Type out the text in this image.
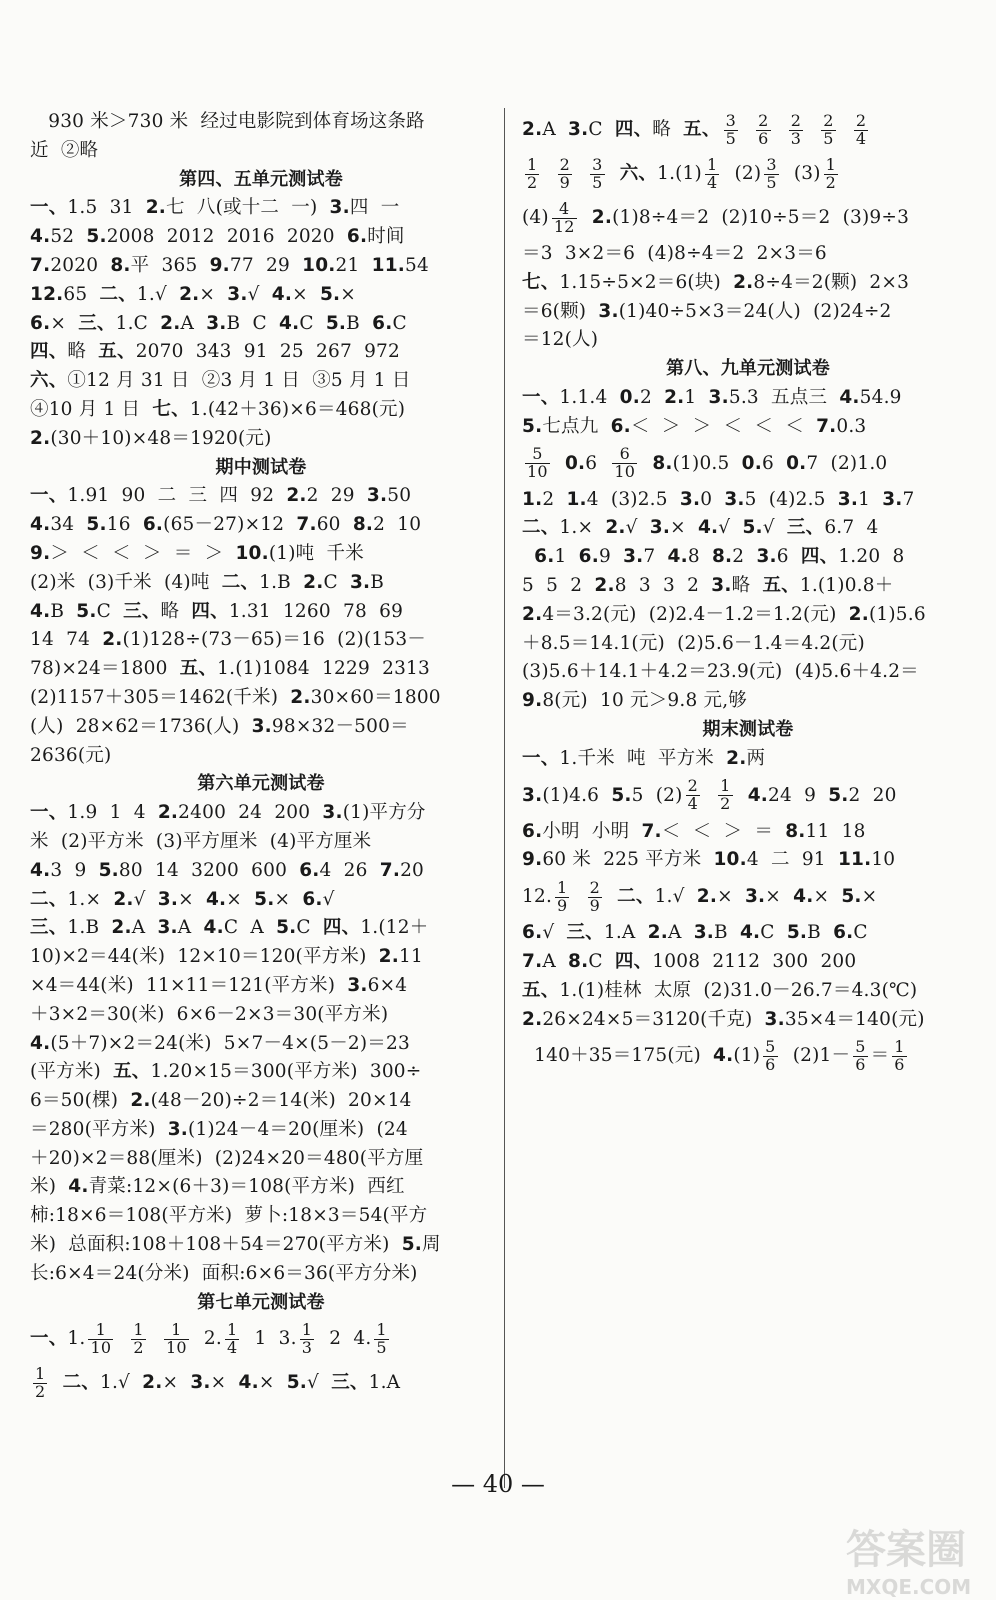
930 米＞730 米  经过电影院到体育场这条路
近  ②略
第四、五单元测试卷
一、1.5  31  2.七  八(或十二  一)  3.四  一
4.52  5.2008  2012  2016  2020  6.时间
7.2020  8.平  365  9.77  29  10.21  11.54
12.65  二、1.√  2.×  3.√  4.×  5.×
6.×  三、1.C  2.A  3.B  C  4.C  5.B  6.C
四、略  五、2070  343  91  25  267  972
六、①12 月 31 日  ②3 月 1 日  ③5 月 1 日
④10 月 1 日  七、1.(42＋36)×6＝468(元)
2.(30＋10)×48＝1920(元)
期中测试卷
一、1.91  90  二  三  四  92  2.2  29  3.50
4.34  5.16  6.(65－27)×12  7.60  8.2  10
9.＞  ＜  ＜  ＞  ＝  ＞  10.(1)吨  千米
(2)米  (3)千米  (4)吨  二、1.B  2.C  3.B
4.B  5.C  三、略  四、1.31  1260  78  69
14  74  2.(1)128÷(73－65)＝16  (2)(153－
78)×24＝1800  五、1.(1)1084  1229  2313
(2)1157＋305＝1462(千米)  2.30×60＝1800
(人)  28×62＝1736(人)  3.98×32－500＝
2636(元)
第六单元测试卷
一、1.9  1  4  2.2400  24  200  3.(1)平方分
米  (2)平方米  (3)平方厘米  (4)平方厘米
4.3  9  5.80  14  3200  600  6.4  26  7.20
二、1.×  2.√  3.×  4.×  5.×  6.√
三、1.B  2.A  3.A  4.C  A  5.C  四、1.(12＋
10)×2＝44(米)  12×10＝120(平方米)  2.11
×4＝44(米)  11×11＝121(平方米)  3.6×4
＋3×2＝30(米)  6×6－2×3＝30(平方米)
4.(5＋7)×2＝24(米)  5×7－4×(5－2)＝23
(平方米)  五、1.20×15＝300(平方米)  300÷
6＝50(棵)  2.(48－20)÷2＝14(米)  20×14
＝280(平方米)  3.(1)24－4＝20(厘米)  (24
＋20)×2＝88(厘米)  (2)24×20＝480(平方厘
米)  4.青菜:12×(6＋3)＝108(平方米)  西红
柿:18×6＝108(平方米)  萝卜:18×3＝54(平方
米)  总面积:108＋108＋54＝270(平方米)  5.周
长:6×4＝24(分米)  面积:6×6＝36(平方分米)
第七单元测试卷
一、1. $\frac{1}{10}$
$\frac{1}{2}$
$\frac{1}{10} 2$. $\frac{1}{4} 1$  3. $\frac{1}{3} 2$  4. $\frac{1}{5}$
$\frac{1}{2}$ 二、1.√  2.×  3.×  4.×  5.√  三、1.A
2.A  3.C  四、略  五、 $\frac{3}{5}$
$\frac{2}{6}$
$\frac{2}{3}$
$\frac{2}{5}$
$\frac{2}{4}$
$\frac{1}{2}$
$\frac{2}{9}$
$\frac{3}{5}$ 六、$1.(1) \frac{1}{4} (2) \frac{3}{5} (3) \frac{1}{2}$
$(4) \frac{4}{12} 2.(1)8\div 4=2$  (2)10÷5＝2  (3)9÷3
＝3  3×2＝6  (4)8÷4＝2  2×3＝6
七、1.15÷5×2＝6(块)  2.8÷4＝2(颗)  2×3
＝6(颗)  3.(1)40÷5×3＝24(人)  (2)24÷2
＝12(人)
第八、九单元测试卷
一、1.1.4  0.2  2.1  3.5.3  五点三  4.54.9
5.七点九  6.＜  ＞  ＞  ＜  ＜  ＜  7.0.3
$\frac{5}{10} 0.6 \frac{6}{10} 8.(1)0.5$  0.6  0.7  (2)1.0
1.2  1.4  (3)2.5  3.0  3.5  (4)2.5  3.1  3.7
二、1.×  2.√  3.×  4.√  5.√  三、6.7  4
6.1  6.9  3.7  4.8  8.2  3.6  四、1.20  8
5  5  2  2.8  3  3  2  3.略  五、1.(1)0.8＋
2.4＝3.2(元)  (2)2.4－1.2＝1.2(元)  2.(1)5.6
＋8.5＝14.1(元)  (2)5.6－1.4＝4.2(元)
(3)5.6＋14.1＋4.2＝23.9(元)  (4)5.6＋4.2＝
9.8(元)  10 元＞9.8 元,够
期末测试卷
一、1.千米  吨  平方米  2.两
3.(1)4.6  5.5  $(2) \frac{2}{4}$
$\frac{1}{2} 4.24$  9  5.2  20
6.小明  小明  7.＜  ＜  ＞  ＝  8.11  18
9.60 米  225 平方米  10.4  二  91  11.10
12. $\frac{1}{9}$
$\frac{2}{9}$ 二、1.√  2.×  3.×  4.×  5.×
6.√  三、1.A  2.A  3.B  4.C  5.B  6.C
7.A  8.C  四、1008  2112  300  200
五、1.(1)桂林  太原  (2)31.0－26.7＝4.3(℃)
2.26×24×5＝3120(千克)  3.35×4＝140(元)
140＋35＝175(元)  $4.(1) \frac{5}{6} (2)1- \frac{5}{6} = \frac{1}{6}$
— 40 —
答案圈
MXQE.COM
